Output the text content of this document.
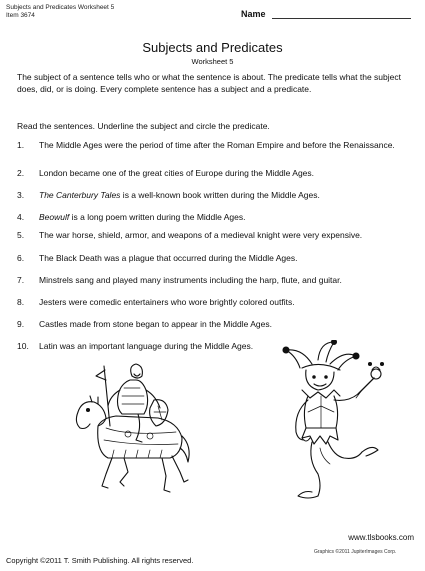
Subjects and Predicates Worksheet 5
Item 3674	Name
Subjects and Predicates
Worksheet 5

The subject of a sentence tells who or what the sentence is about. The predicate tells what the subject does, did, or is doing. Every complete sentence has a subject and a predicate.

Read the sentences. Underline the subject and circle the predicate.

1. The Middle Ages were the period of time after the Roman Empire and before the Renaissance.
2. London became one of the great cities of Europe during the Middle Ages.
3. The Canterbury Tales is a well-known book written during the Middle Ages.
4. Beowulf is a long poem written during the Middle Ages.
5. The war horse, shield, armor, and weapons of a medieval knight were very expensive.
6. The Black Death was a plague that occurred during the Middle Ages.
7. Minstrels sang and played many instruments including the harp, flute, and guitar.
8. Jesters were comedic entertainers who wore brightly colored outfits.
9. Castles made from stone began to appear in the Middle Ages.
10. Latin was an important language during the Middle Ages.
www.tlsbooks.com
Graphics ©2011 JupiterImages Corp.
Copyright ©2011 T. Smith Publishing. All rights reserved.
